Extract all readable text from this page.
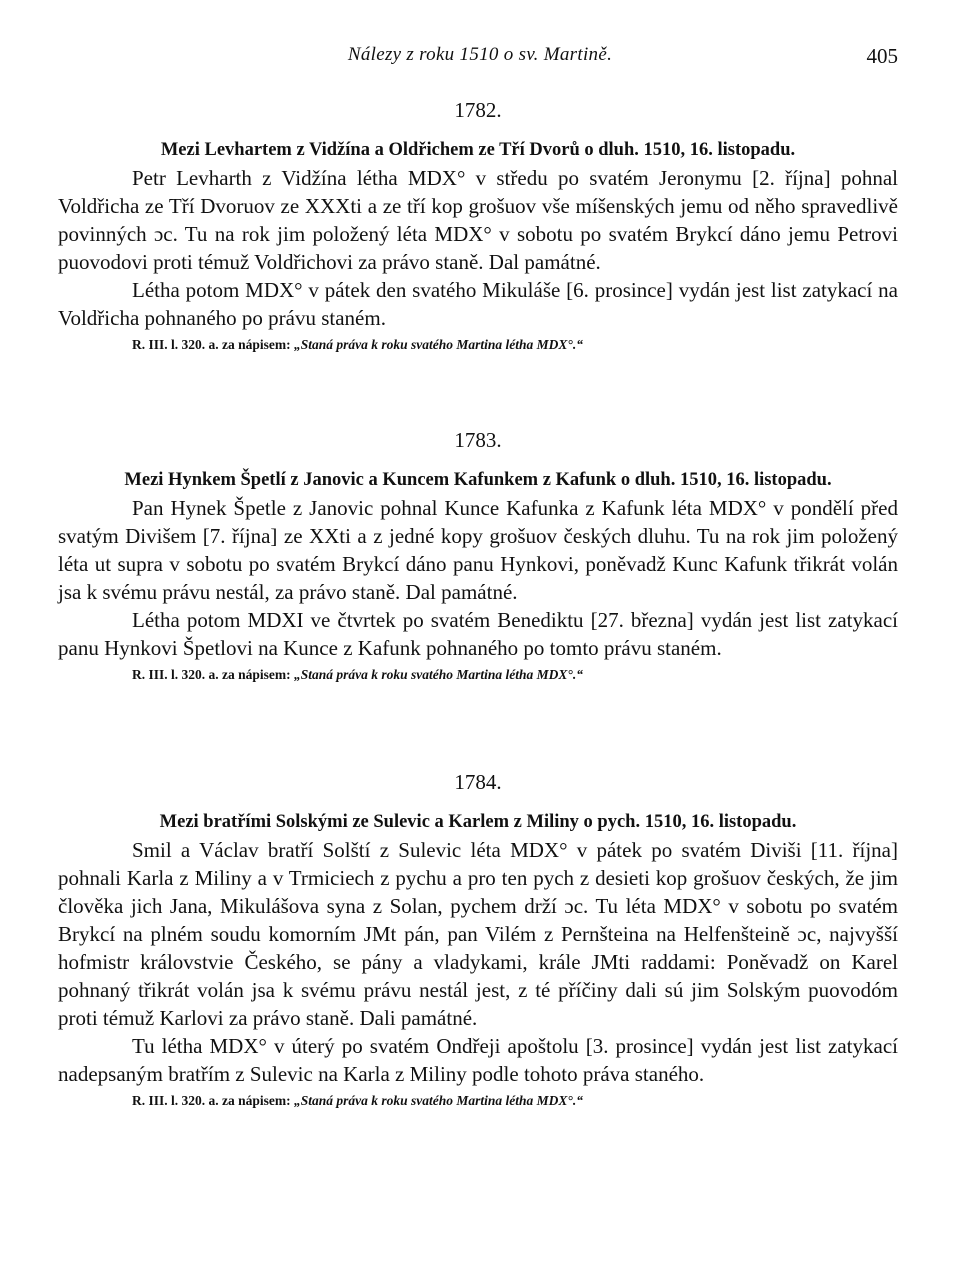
Nálezy z roku 1510 o sv. Martině.	405

1782.

Mezi Levhartem z Vidžína a Oldřichem ze Tří Dvorů o dluh. 1510, 16. listopadu.

Petr Levharth z Vidžína létha MDX° v středu po svatém Jeronymu [2. října] pohnal Voldřicha ze Tří Dvoruov ze XXXti a ze tří kop grošuov vše míšenských jemu od něho spravedlivě povinných ɔc. Tu na rok jim položený léta MDX° v sobotu po svatém Brykcí dáno jemu Petrovi puovodovi proti témuž Voldřichovi za právo staně. Dal památné.

Létha potom MDX° v pátek den svatého Mikuláše [6. prosince] vydán jest list zatykací na Voldřicha pohnaného po právu staném.

R. III. l. 320. a. za nápisem: „Staná práva k roku svatého Martina létha MDX°.“

1783.

Mezi Hynkem Špetlí z Janovic a Kuncem Kafunkem z Kafunk o dluh. 1510, 16. listopadu.

Pan Hynek Špetle z Janovic pohnal Kunce Kafunka z Kafunk léta MDX° v pondělí před svatým Divišem [7. října] ze XXti a z jedné kopy grošuov českých dluhu. Tu na rok jim položený léta ut supra v sobotu po svatém Brykcí dáno panu Hynkovi, poněvadž Kunc Kafunk třikrát volán jsa k svému právu nestál, za právo staně. Dal památné.

Létha potom MDXI ve čtvrtek po svatém Benediktu [27. března] vydán jest list zatykací panu Hynkovi Špetlovi na Kunce z Kafunk pohnaného po tomto právu staném.

R. III. l. 320. a. za nápisem: „Staná práva k roku svatého Martina létha MDX°.“

1784.

Mezi bratřími Solskými ze Sulevic a Karlem z Miliny o pych. 1510, 16. listopadu.

Smil a Václav bratří Solští z Sulevic léta MDX° v pátek po svatém Diviši [11. října] pohnali Karla z Miliny a v Trmiciech z pychu a pro ten pych z desieti kop grošuov českých, že jim člověka jich Jana, Mikulášova syna z Solan, pychem drží ɔc. Tu léta MDX° v sobotu po svatém Brykcí na plném soudu komorním JMt pán, pan Vilém z Pernšteina na Helfenšteině ɔc, najvyšší hofmistr královstvie Českého, se pány a vladykami, krále JMti raddami: Poněvadž on Karel pohnaný třikrát volán jsa k svému právu nestál jest, z té příčiny dali sú jim Solským puovodóm proti témuž Karlovi za právo staně. Dali památné.

Tu létha MDX° v úterý po svatém Ondřeji apoštolu [3. prosince] vydán jest list zatykací nadepsaným bratřím z Sulevic na Karla z Miliny podle tohoto práva staného.

R. III. l. 320. a. za nápisem: „Staná práva k roku svatého Martina létha MDX°.“
